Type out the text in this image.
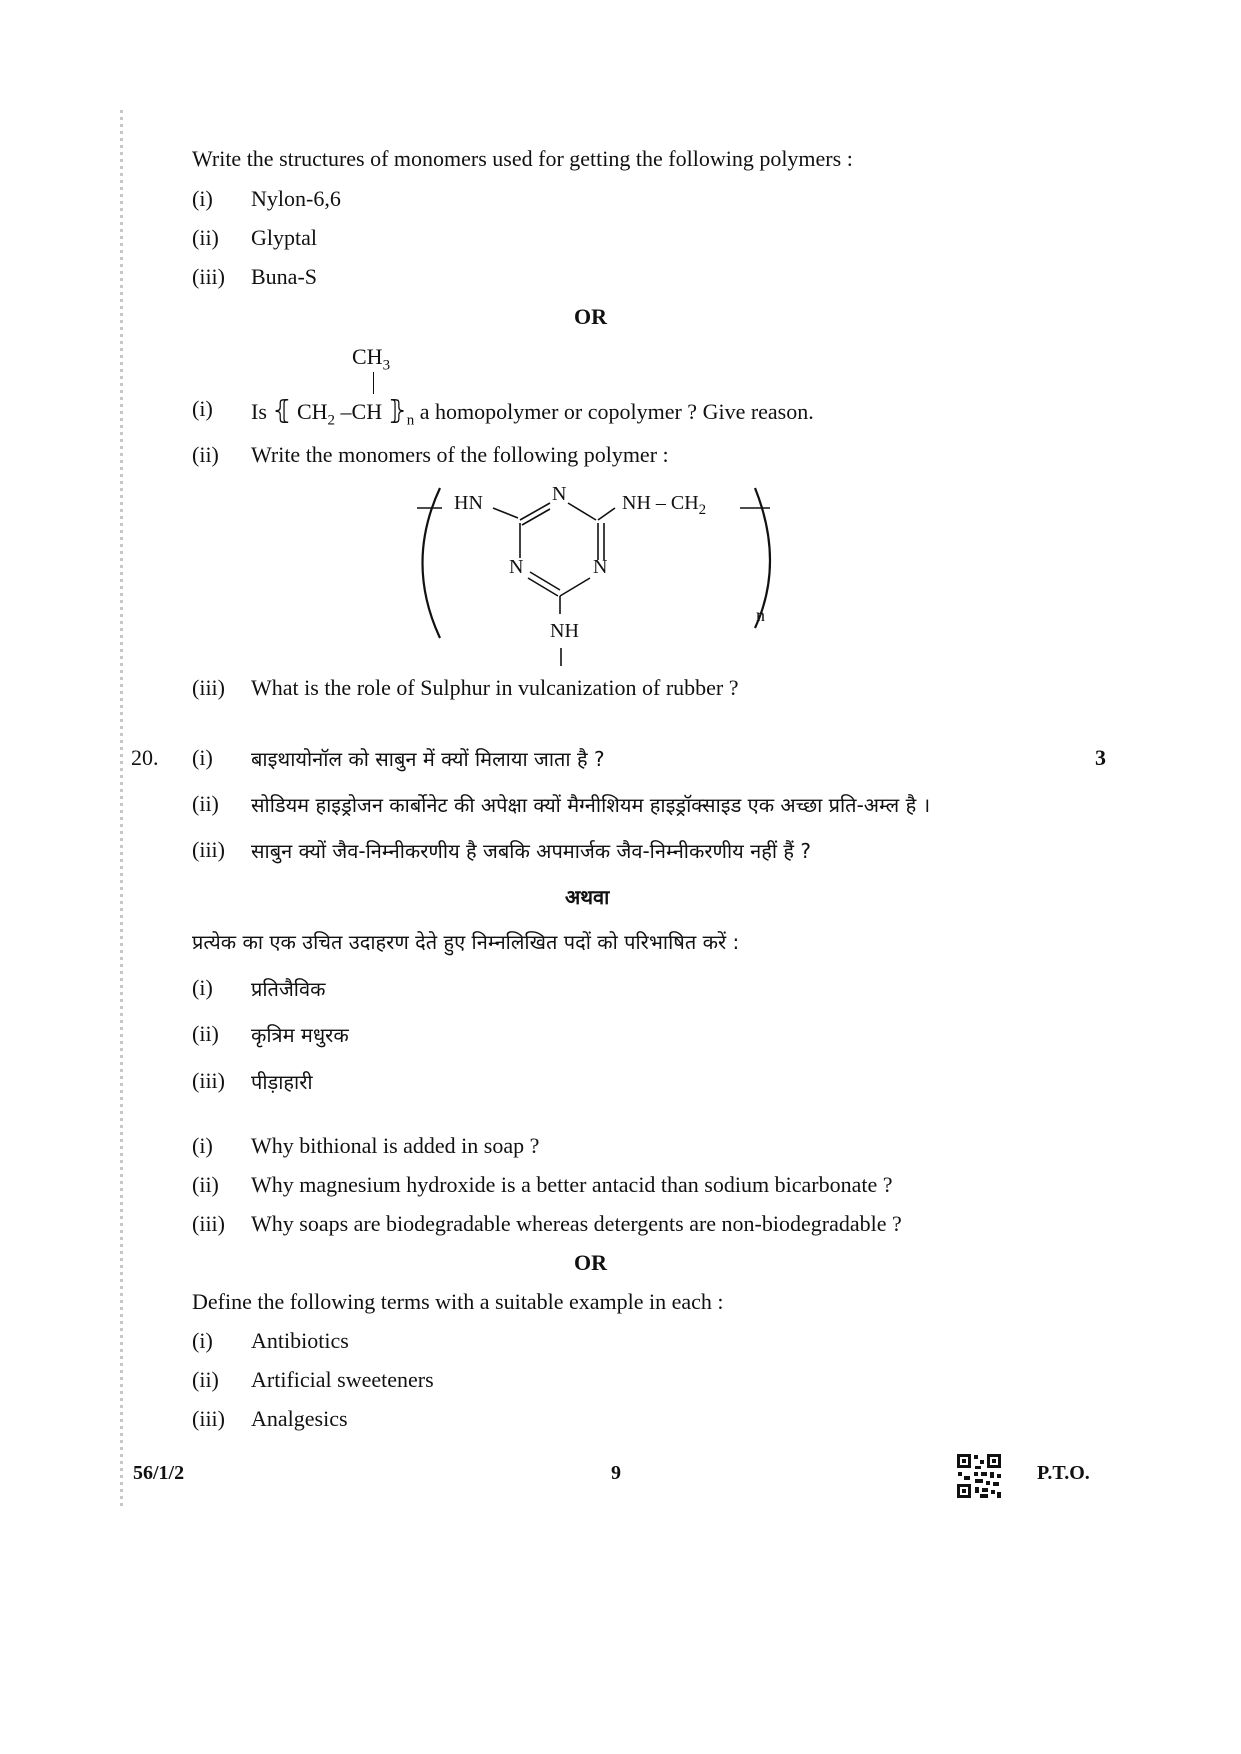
Write the structures of monomers used for getting the following polymers :
(i) Nylon-6,6
(ii) Glyptal
(iii) Buna-S
OR
$CH_3$
(i) Is ⦃ $CH_2$ –CH $⦄_n$ a homopolymer or copolymer ? Give reason.
(ii) Write the monomers of the following polymer :
HN	N	NH – $CH_2$
N	N
NH
n
(iii) What is the role of Sulphur in vulcanization of rubber ?
20.	3
(i) बाइथायोनॉल को साबुन में क्यों मिलाया जाता है ?
(ii) सोडियम हाइड्रोजन कार्बोनेट की अपेक्षा क्यों मैग्नीशियम हाइड्रॉक्साइड एक अच्छा प्रति-अम्ल है ।
(iii) साबुन क्यों जैव-निम्नीकरणीय है जबकि अपमार्जक जैव-निम्नीकरणीय नहीं हैं ?
अथवा
प्रत्येक का एक उचित उदाहरण देते हुए निम्नलिखित पदों को परिभाषित करें :
(i) प्रतिजैविक
(ii) कृत्रिम मधुरक
(iii) पीड़ाहारी
(i) Why bithional is added in soap ?
(ii) Why magnesium hydroxide is a better antacid than sodium bicarbonate ?
(iii) Why soaps are biodegradable whereas detergents are non-biodegradable ?
OR
Define the following terms with a suitable example in each :
(i) Antibiotics
(ii) Artificial sweeteners
(iii) Analgesics
56/1/2	9	P.T.O.
